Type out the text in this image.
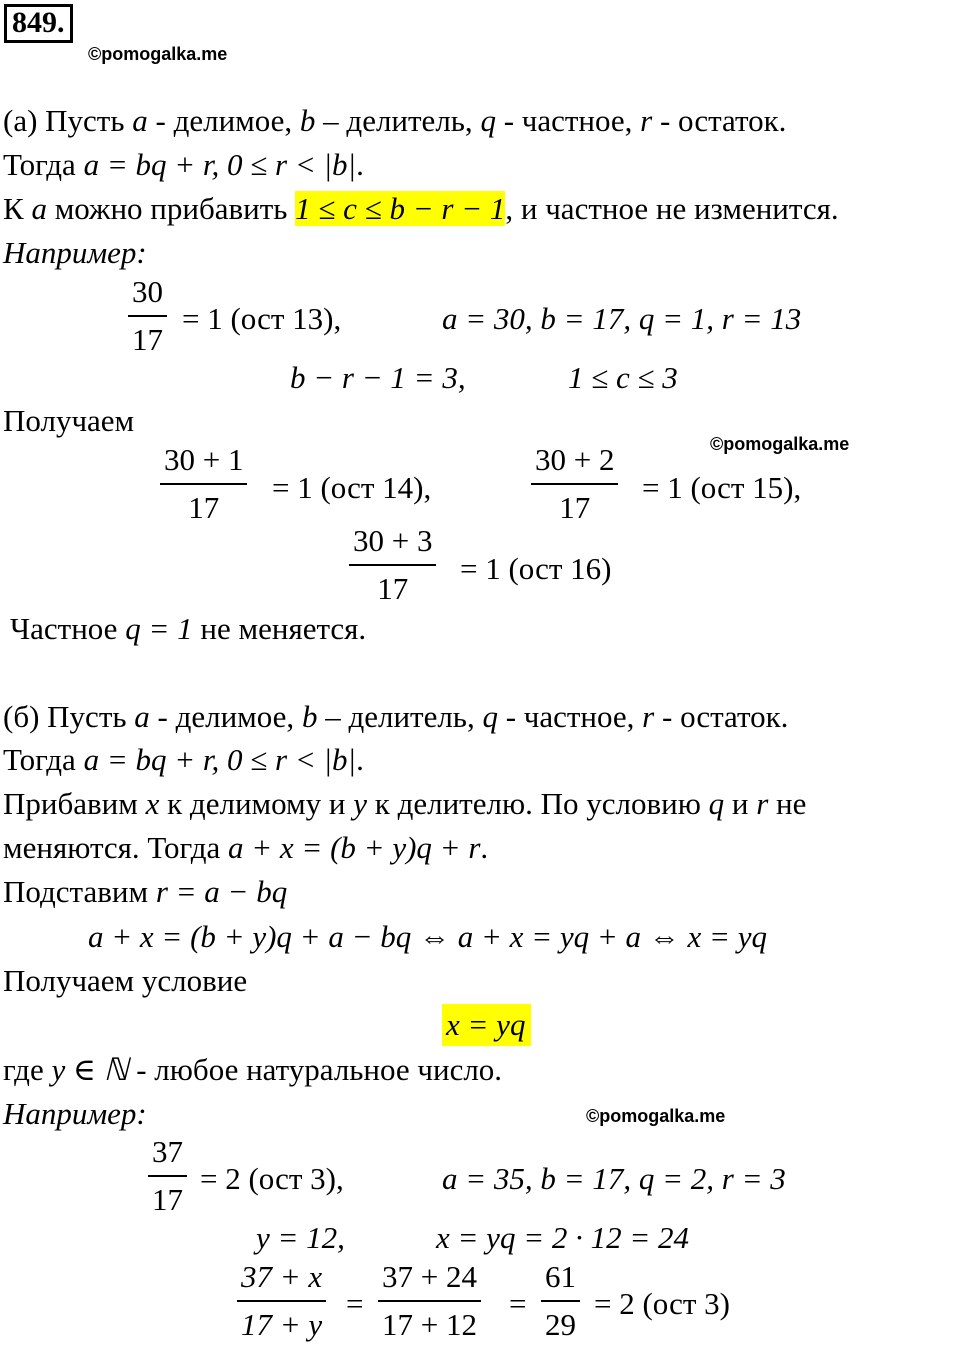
849.
©pomogalka.me
(а) Пусть a - делимое, b – делитель, q - частное, r - остаток.
Тогда a = bq + r, 0 ≤ r < |b|.
К a можно прибавить 1 ≤ c ≤ b − r − 1, и частное не изменится.
Например:
30
17
= 1 (ост 13),	a = 30, b = 17, q = 1, r = 13
b − r − 1 = 3,	1 ≤ c ≤ 3
Получаем
©pomogalka.me
30 + 1
17
= 1 (ост 14),
30 + 2
17
= 1 (ост 15),
30 + 3
17
= 1 (ост 16)
Частное q = 1 не меняется.
(б) Пусть a - делимое, b – делитель, q - частное, r - остаток.
Тогда a = bq + r, 0 ≤ r < |b|.
Прибавим x к делимому и y к делителю. По условию q и r не
меняются. Тогда a + x = (b + y)q + r.
Подставим r = a − bq
a + x = (b + y)q + a − bq ⇔ a + x = yq + a ⇔ x = yq
Получаем условие
x = yq
где y ∈ ℕ - любое натуральное число.
Например:	©pomogalka.me
37
17
= 2 (ост 3),	a = 35, b = 17, q = 2, r = 3
y = 12,	x = yq = 2 · 12 = 24
37 + x
17 + y
=
37 + 24
17 + 12
=
61
29
= 2 (ост 3)
